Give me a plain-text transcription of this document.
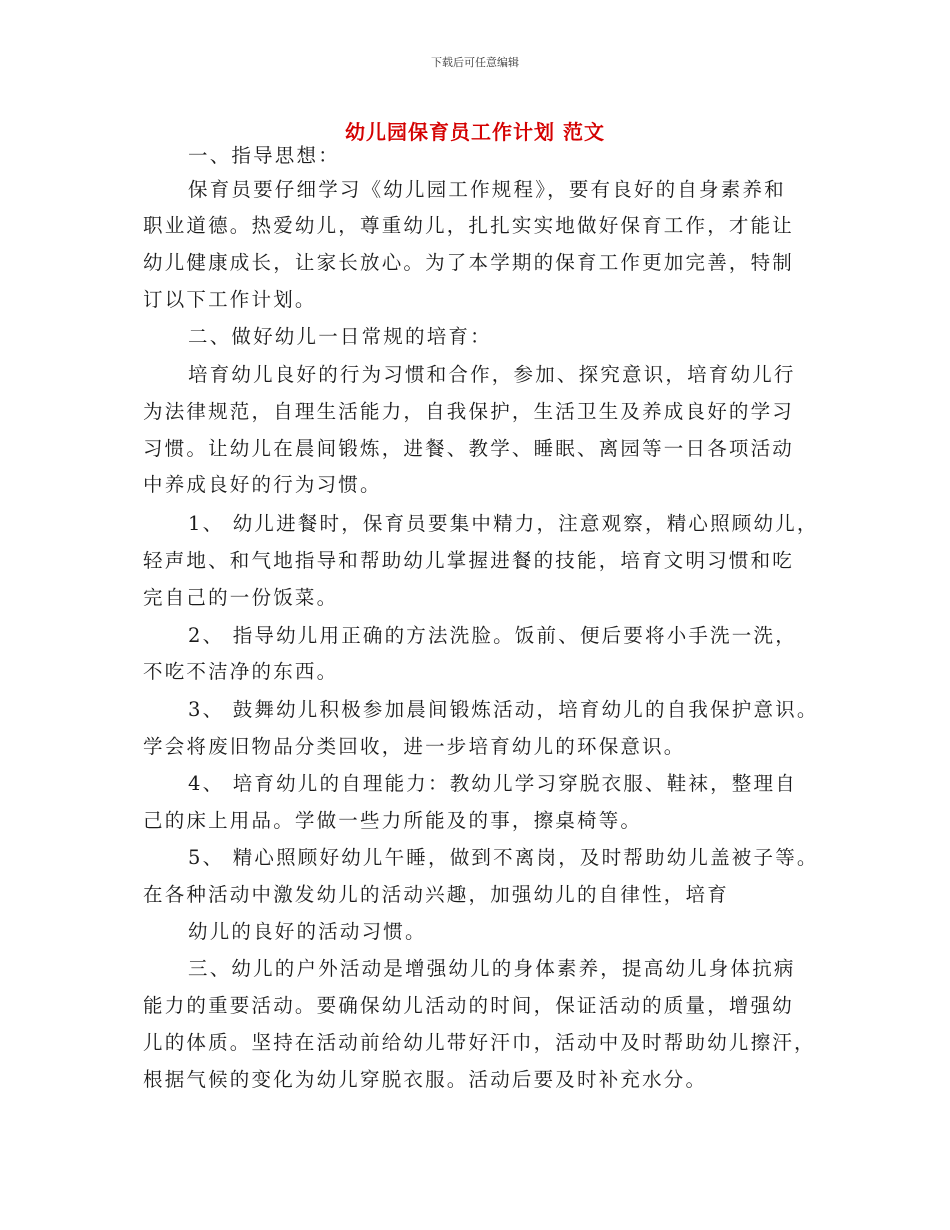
下载后可任意编辑
幼儿园保育员工作计划 范文
一、指导思想：
保育员要仔细学习《幼儿园工作规程》，要有良好的自身素养和
职业道德。热爱幼儿，尊重幼儿，扎扎实实地做好保育工作，才能让
幼儿健康成长，让家长放心。为了本学期的保育工作更加完善，特制
订以下工作计划。
二、做好幼儿一日常规的培育：
培育幼儿良好的行为习惯和合作，参加、探究意识，培育幼儿行
为法律规范，自理生活能力，自我保护，生活卫生及养成良好的学习
习惯。让幼儿在晨间锻炼，进餐、教学、睡眠、离园等一日各项活动
中养成良好的行为习惯。
1、 幼儿进餐时，保育员要集中精力，注意观察，精心照顾幼儿，
轻声地、和气地指导和帮助幼儿掌握进餐的技能，培育文明习惯和吃
完自己的一份饭菜。
2、 指导幼儿用正确的方法洗脸。饭前、便后要将小手洗一洗，
不吃不洁净的东西。
3、 鼓舞幼儿积极参加晨间锻炼活动，培育幼儿的自我保护意识。
学会将废旧物品分类回收，进一步培育幼儿的环保意识。
4、 培育幼儿的自理能力：教幼儿学习穿脱衣服、鞋袜，整理自
己的床上用品。学做一些力所能及的事，擦桌椅等。
5、 精心照顾好幼儿午睡，做到不离岗，及时帮助幼儿盖被子等。
在各种活动中激发幼儿的活动兴趣，加强幼儿的自律性，培育
幼儿的良好的活动习惯。
三、幼儿的户外活动是增强幼儿的身体素养，提高幼儿身体抗病
能力的重要活动。要确保幼儿活动的时间，保证活动的质量，增强幼
儿的体质。坚持在活动前给幼儿带好汗巾，活动中及时帮助幼儿擦汗，
根据气候的变化为幼儿穿脱衣服。活动后要及时补充水分。
